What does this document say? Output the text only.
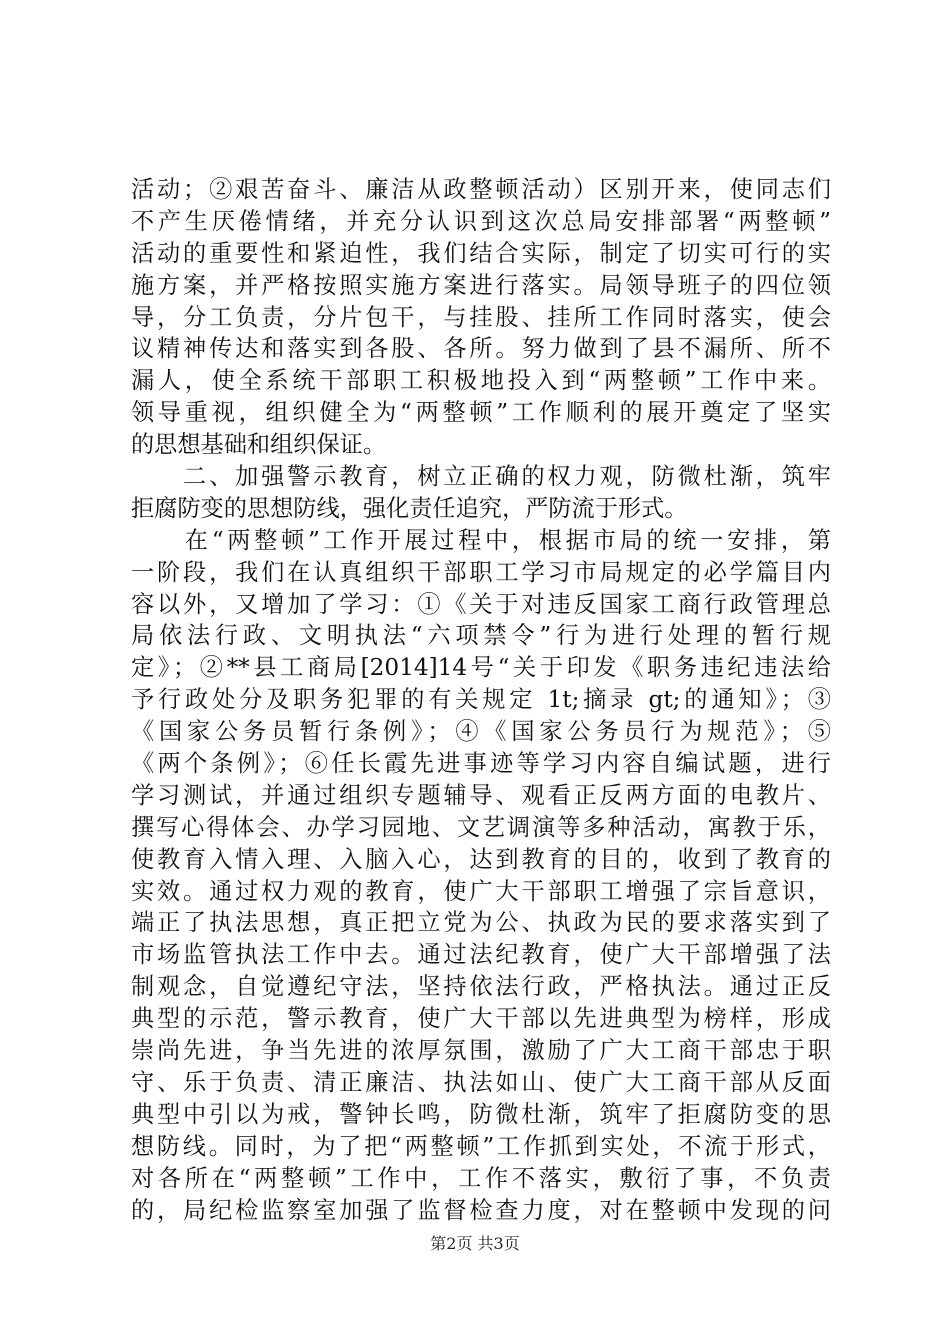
活动；②艰苦奋斗、廉洁从政整顿活动）区别开来，使同志们
不产生厌倦情绪，并充分认识到这次总局安排部署“两整顿”
活动的重要性和紧迫性，我们结合实际，制定了切实可行的实
施方案，并严格按照实施方案进行落实。局领导班子的四位领
导，分工负责，分片包干，与挂股、挂所工作同时落实，使会
议精神传达和落实到各股、各所。努力做到了县不漏所、所不
漏人，使全系统干部职工积极地投入到“两整顿”工作中来。
领导重视，组织健全为“两整顿”工作顺利的展开奠定了坚实
的思想基础和组织保证。
　　二、加强警示教育，树立正确的权力观，防微杜渐，筑牢
拒腐防变的思想防线，强化责任追究，严防流于形式。
　　在“两整顿”工作开展过程中，根据市局的统一安排，第
一阶段，我们在认真组织干部职工学习市局规定的必学篇目内
容以外，又增加了学习：①《关于对违反国家工商行政管理总
局依法行政、文明执法“六项禁令”行为进行处理的暂行规
定》；②**县工商局[2014]14号“关于印发《职务违纪违法给
予行政处分及职务犯罪的有关规定 1t;摘录 gt;的通知》；③
《国家公务员暂行条例》；④《国家公务员行为规范》；⑤
《两个条例》；⑥任长霞先进事迹等学习内容自编试题，进行
学习测试，并通过组织专题辅导、观看正反两方面的电教片、
撰写心得体会、办学习园地、文艺调演等多种活动，寓教于乐，
使教育入情入理、入脑入心，达到教育的目的，收到了教育的
实效。通过权力观的教育，使广大干部职工增强了宗旨意识，
端正了执法思想，真正把立党为公、执政为民的要求落实到了
市场监管执法工作中去。通过法纪教育，使广大干部增强了法
制观念，自觉遵纪守法，坚持依法行政，严格执法。通过正反
典型的示范，警示教育，使广大干部以先进典型为榜样，形成
崇尚先进，争当先进的浓厚氛围，激励了广大工商干部忠于职
守、乐于负责、清正廉洁、执法如山、使广大工商干部从反面
典型中引以为戒，警钟长鸣，防微杜渐，筑牢了拒腐防变的思
想防线。同时，为了把“两整顿”工作抓到实处，不流于形式，
对各所在“两整顿”工作中，工作不落实，敷衍了事，不负责
的，局纪检监察室加强了监督检查力度，对在整顿中发现的问
第2页 共3页
